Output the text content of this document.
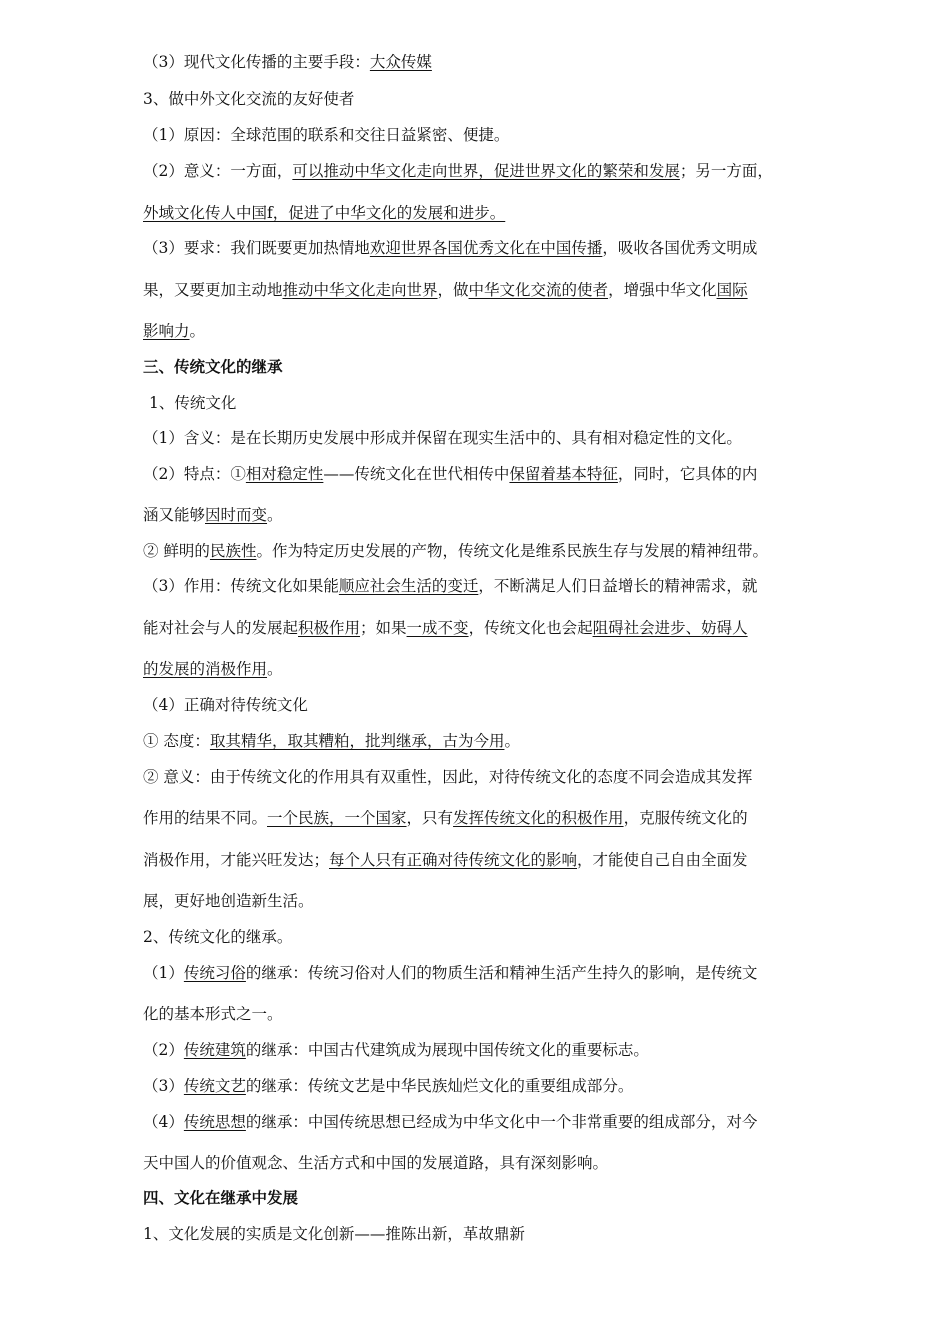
（3）现代文化传播的主要手段：大众传媒
3、做中外文化交流的友好使者
（1）原因：全球范围的联系和交往日益紧密、便捷。
（2）意义：一方面，可以推动中华文化走向世界，促进世界文化的繁荣和发展；另一方面，
外域文化传人中国f，促进了中华文化的发展和进步。
（3）要求：我们既要更加热情地欢迎世界各国优秀文化在中国传播，吸收各国优秀文明成
果，又要更加主动地推动中华文化走向世界，做中华文化交流的使者，增强中华文化国际
影响力。
三、传统文化的继承
1、传统文化
（1）含义：是在长期历史发展中形成并保留在现实生活中的、具有相对稳定性的文化。
（2）特点：①相对稳定性——传统文化在世代相传中保留着基本特征，同时，它具体的内
涵又能够因时而变。
② 鲜明的民族性。作为特定历史发展的产物，传统文化是维系民族生存与发展的精神纽带。
（3）作用：传统文化如果能顺应社会生活的变迁，不断满足人们日益增长的精神需求，就
能对社会与人的发展起积极作用；如果一成不变，传统文化也会起阻碍社会进步、妨碍人
的发展的消极作用。
（4）正确对待传统文化
① 态度：取其精华，取其糟粕，批判继承，古为今用。
② 意义：由于传统文化的作用具有双重性，因此，对待传统文化的态度不同会造成其发挥
作用的结果不同。一个民族，一个国家，只有发挥传统文化的积极作用，克服传统文化的
消极作用，才能兴旺发达；每个人只有正确对待传统文化的影响，才能使自己自由全面发
展，更好地创造新生活。
2、传统文化的继承。
（1）传统习俗的继承：传统习俗对人们的物质生活和精神生活产生持久的影响，是传统文
化的基本形式之一。
（2）传统建筑的继承：中国古代建筑成为展现中国传统文化的重要标志。
（3）传统文艺的继承：传统文艺是中华民族灿烂文化的重要组成部分。
（4）传统思想的继承：中国传统思想已经成为中华文化中一个非常重要的组成部分，对今
天中国人的价值观念、生活方式和中国的发展道路，具有深刻影响。
四、文化在继承中发展
1、文化发展的实质是文化创新——推陈出新，革故鼎新
